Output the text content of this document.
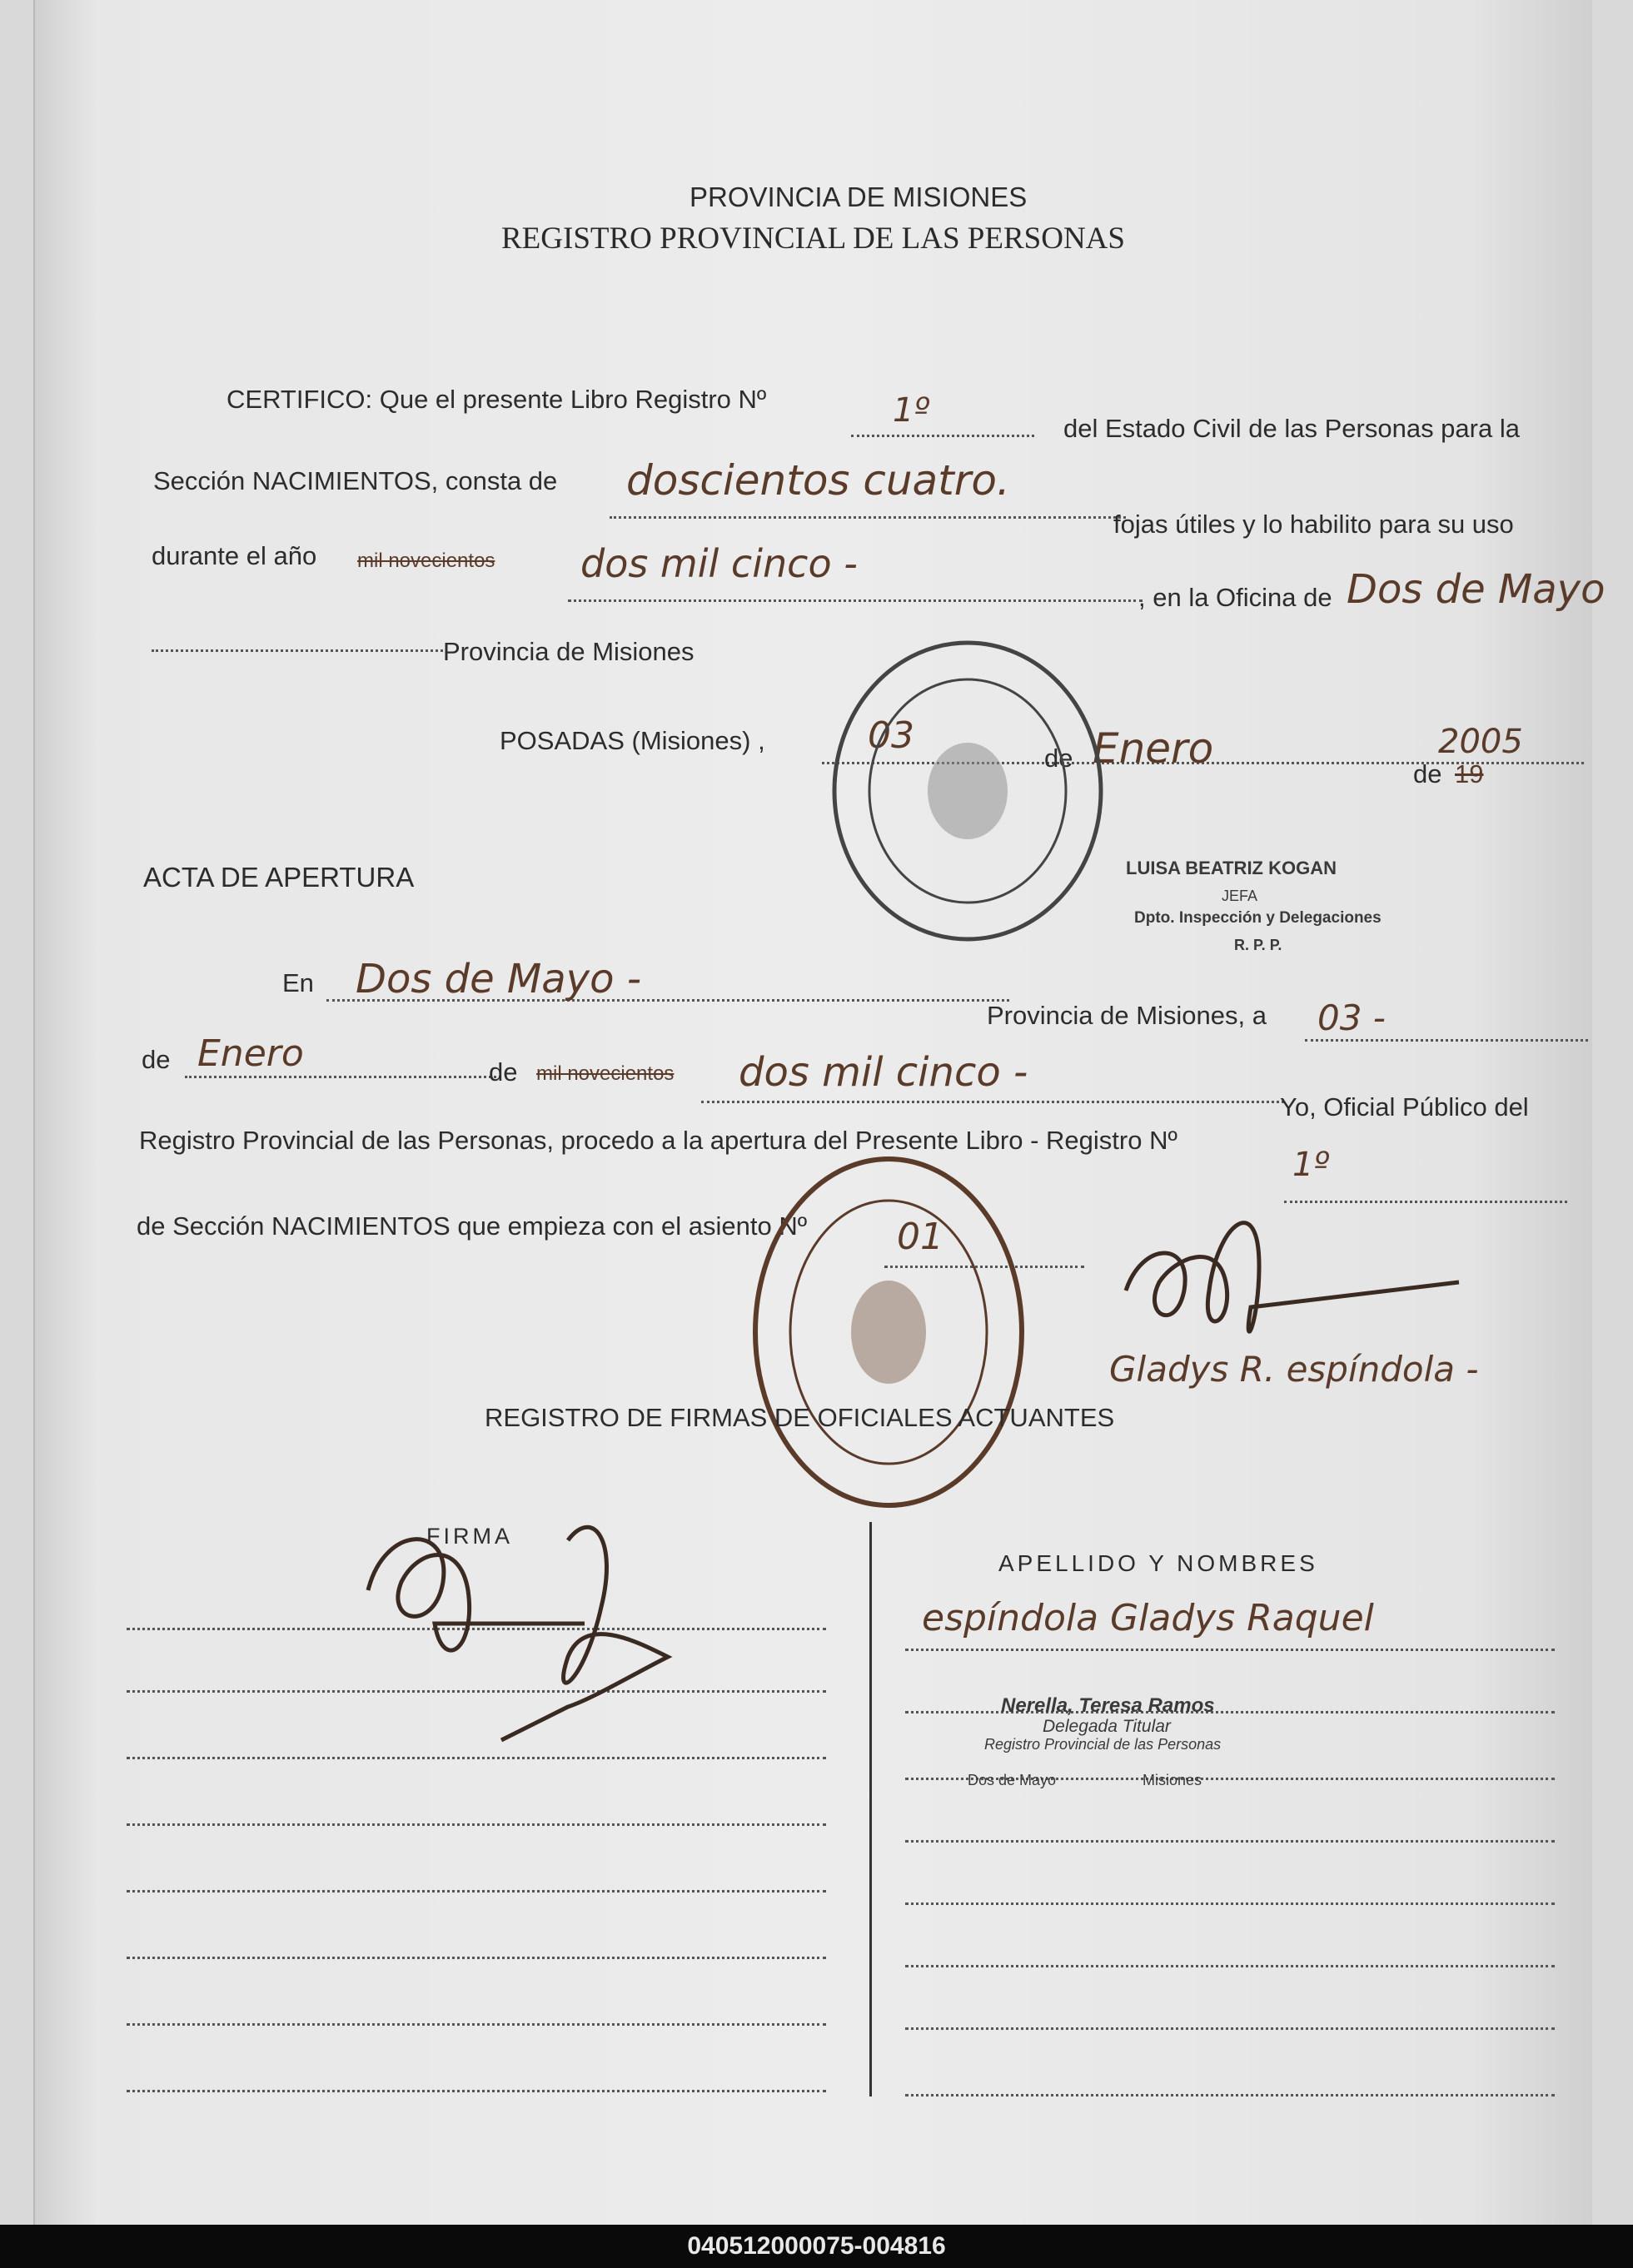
PROVINCIA DE MISIONES
REGISTRO PROVINCIAL DE LAS PERSONAS
CERTIFICO: Que el presente Libro Registro Nº	1º	del Estado Civil de las Personas para la
Sección NACIMIENTOS, consta de doscientos cuatro.
fojas útiles y lo habilito para su uso
durante el año mil novecientos dos mil cinco -
, en la Oficina de Dos de Mayo
Provincia de Misiones
POSADAS (Misiones) ,	03
de Enero
de 19
2005
ACTA DE APERTURA
En Dos de Mayo -
Provincia de Misiones, a 03 -
de Enero	de mil novecientos dos mil cinco -
Yo, Oficial Público del
Registro Provincial de las Personas, procedo a la apertura del Presente Libro - Registro Nº
1º
de Sección NACIMIENTOS que empieza con el asiento Nº 01
Gladys R. espíndola -
LUISA BEATRIZ KOGAN
JEFA
Dpto. Inspección y Delegaciones
R. P. P.
REGISTRO DE FIRMAS DE OFICIALES ACTUANTES
FIRMA
APELLIDO Y NOMBRES
espíndola Gladys Raquel
Nerella, Teresa Ramos
Delegada Titular
Registro Provincial de las Personas
Dos de Mayo	Misiones
040512000075-004816
